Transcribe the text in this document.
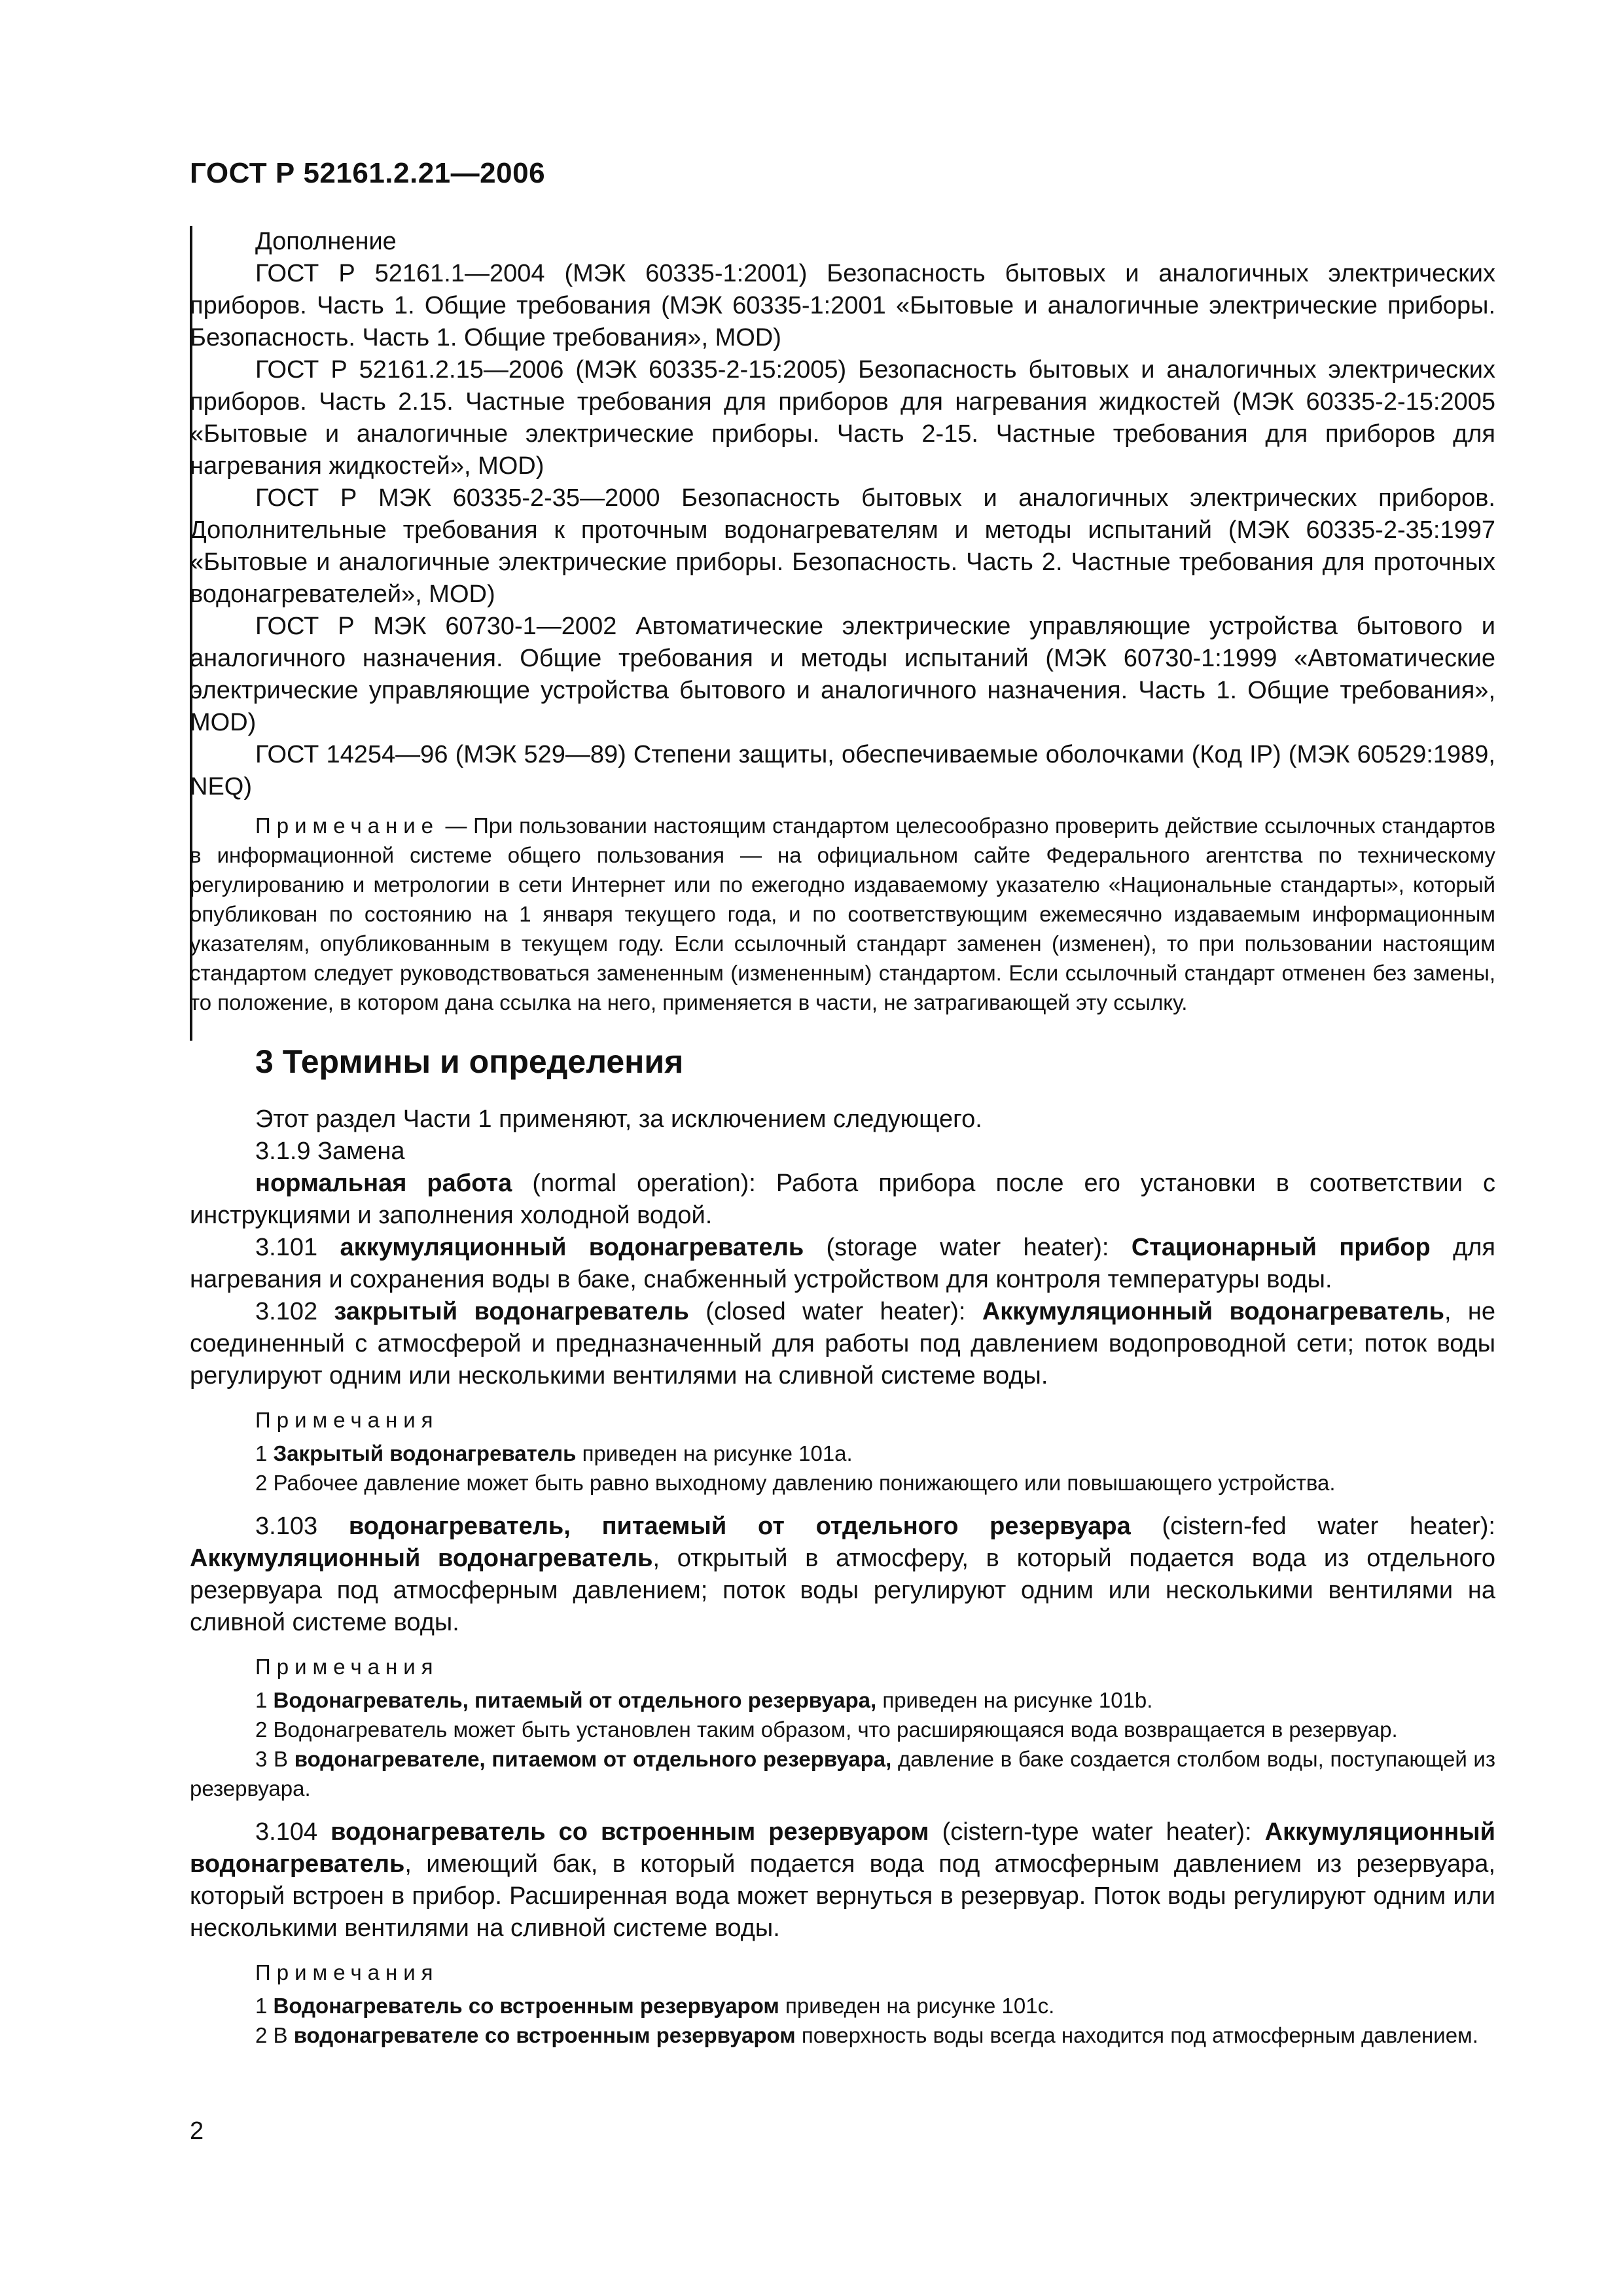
ГОСТ Р 52161.2.21—2006

Дополнение

ГОСТ Р 52161.1—2004 (МЭК 60335-1:2001) Безопасность бытовых и аналогичных электрических приборов. Часть 1. Общие требования (МЭК 60335-1:2001 «Бытовые и аналогичные электрические приборы. Безопасность. Часть 1. Общие требования», MOD)

ГОСТ Р 52161.2.15—2006 (МЭК 60335-2-15:2005) Безопасность бытовых и аналогичных электрических приборов. Часть 2.15. Частные требования для приборов для нагревания жидкостей (МЭК 60335-2-15:2005 «Бытовые и аналогичные электрические приборы. Часть 2-15. Частные требования для приборов для нагревания жидкостей», MOD)

ГОСТ Р МЭК 60335-2-35—2000 Безопасность бытовых и аналогичных электрических приборов. Дополнительные требования к проточным водонагревателям и методы испытаний (МЭК 60335-2-35:1997 «Бытовые и аналогичные электрические приборы. Безопасность. Часть 2. Частные требования для проточных водонагревателей», MOD)

ГОСТ Р МЭК 60730-1—2002 Автоматические электрические управляющие устройства бытового и аналогичного назначения. Общие требования и методы испытаний (МЭК 60730-1:1999 «Автоматические электрические управляющие устройства бытового и аналогичного назначения. Часть 1. Общие требования», MOD)

ГОСТ 14254—96 (МЭК 529—89) Степени защиты, обеспечиваемые оболочками (Код IP) (МЭК 60529:1989, NEQ)

Примечание — При пользовании настоящим стандартом целесообразно проверить действие ссылочных стандартов в информационной системе общего пользования — на официальном сайте Федерального агентства по техническому регулированию и метрологии в сети Интернет или по ежегодно издаваемому указателю «Национальные стандарты», который опубликован по состоянию на 1 января текущего года, и по соответствующим ежемесячно издаваемым информационным указателям, опубликованным в текущем году. Если ссылочный стандарт заменен (изменен), то при пользовании настоящим стандартом следует руководствоваться замененным (измененным) стандартом. Если ссылочный стандарт отменен без замены, то положение, в котором дана ссылка на него, применяется в части, не затрагивающей эту ссылку.

3 Термины и определения

Этот раздел Части 1 применяют, за исключением следующего.

3.1.9 Замена

нормальная работа (normal operation): Работа прибора после его установки в соответствии с инструкциями и заполнения холодной водой.

3.101 аккумуляционный водонагреватель (storage water heater): Стационарный прибор для нагревания и сохранения воды в баке, снабженный устройством для контроля температуры воды.

3.102 закрытый водонагреватель (closed water heater): Аккумуляционный водонагреватель, не соединенный с атмосферой и предназначенный для работы под давлением водопроводной сети; поток воды регулируют одним или несколькими вентилями на сливной системе воды.

Примечания

1 Закрытый водонагреватель приведен на рисунке 101a.

2 Рабочее давление может быть равно выходному давлению понижающего или повышающего устройства.

3.103 водонагреватель, питаемый от отдельного резервуара (cistern-fed water heater): Аккумуляционный водонагреватель, открытый в атмосферу, в который подается вода из отдельного резервуара под атмосферным давлением; поток воды регулируют одним или несколькими вентилями на сливной системе воды.

Примечания

1 Водонагреватель, питаемый от отдельного резервуара, приведен на рисунке 101b.

2 Водонагреватель может быть установлен таким образом, что расширяющаяся вода возвращается в резервуар.

3 В водонагревателе, питаемом от отдельного резервуара, давление в баке создается столбом воды, поступающей из резервуара.

3.104 водонагреватель со встроенным резервуаром (cistern-type water heater): Аккумуляционный водонагреватель, имеющий бак, в который подается вода под атмосферным давлением из резервуара, который встроен в прибор. Расширенная вода может вернуться в резервуар. Поток воды регулируют одним или несколькими вентилями на сливной системе воды.

Примечания

1 Водонагреватель со встроенным резервуаром приведен на рисунке 101c.

2 В водонагревателе со встроенным резервуаром поверхность воды всегда находится под атмосферным давлением.

2
